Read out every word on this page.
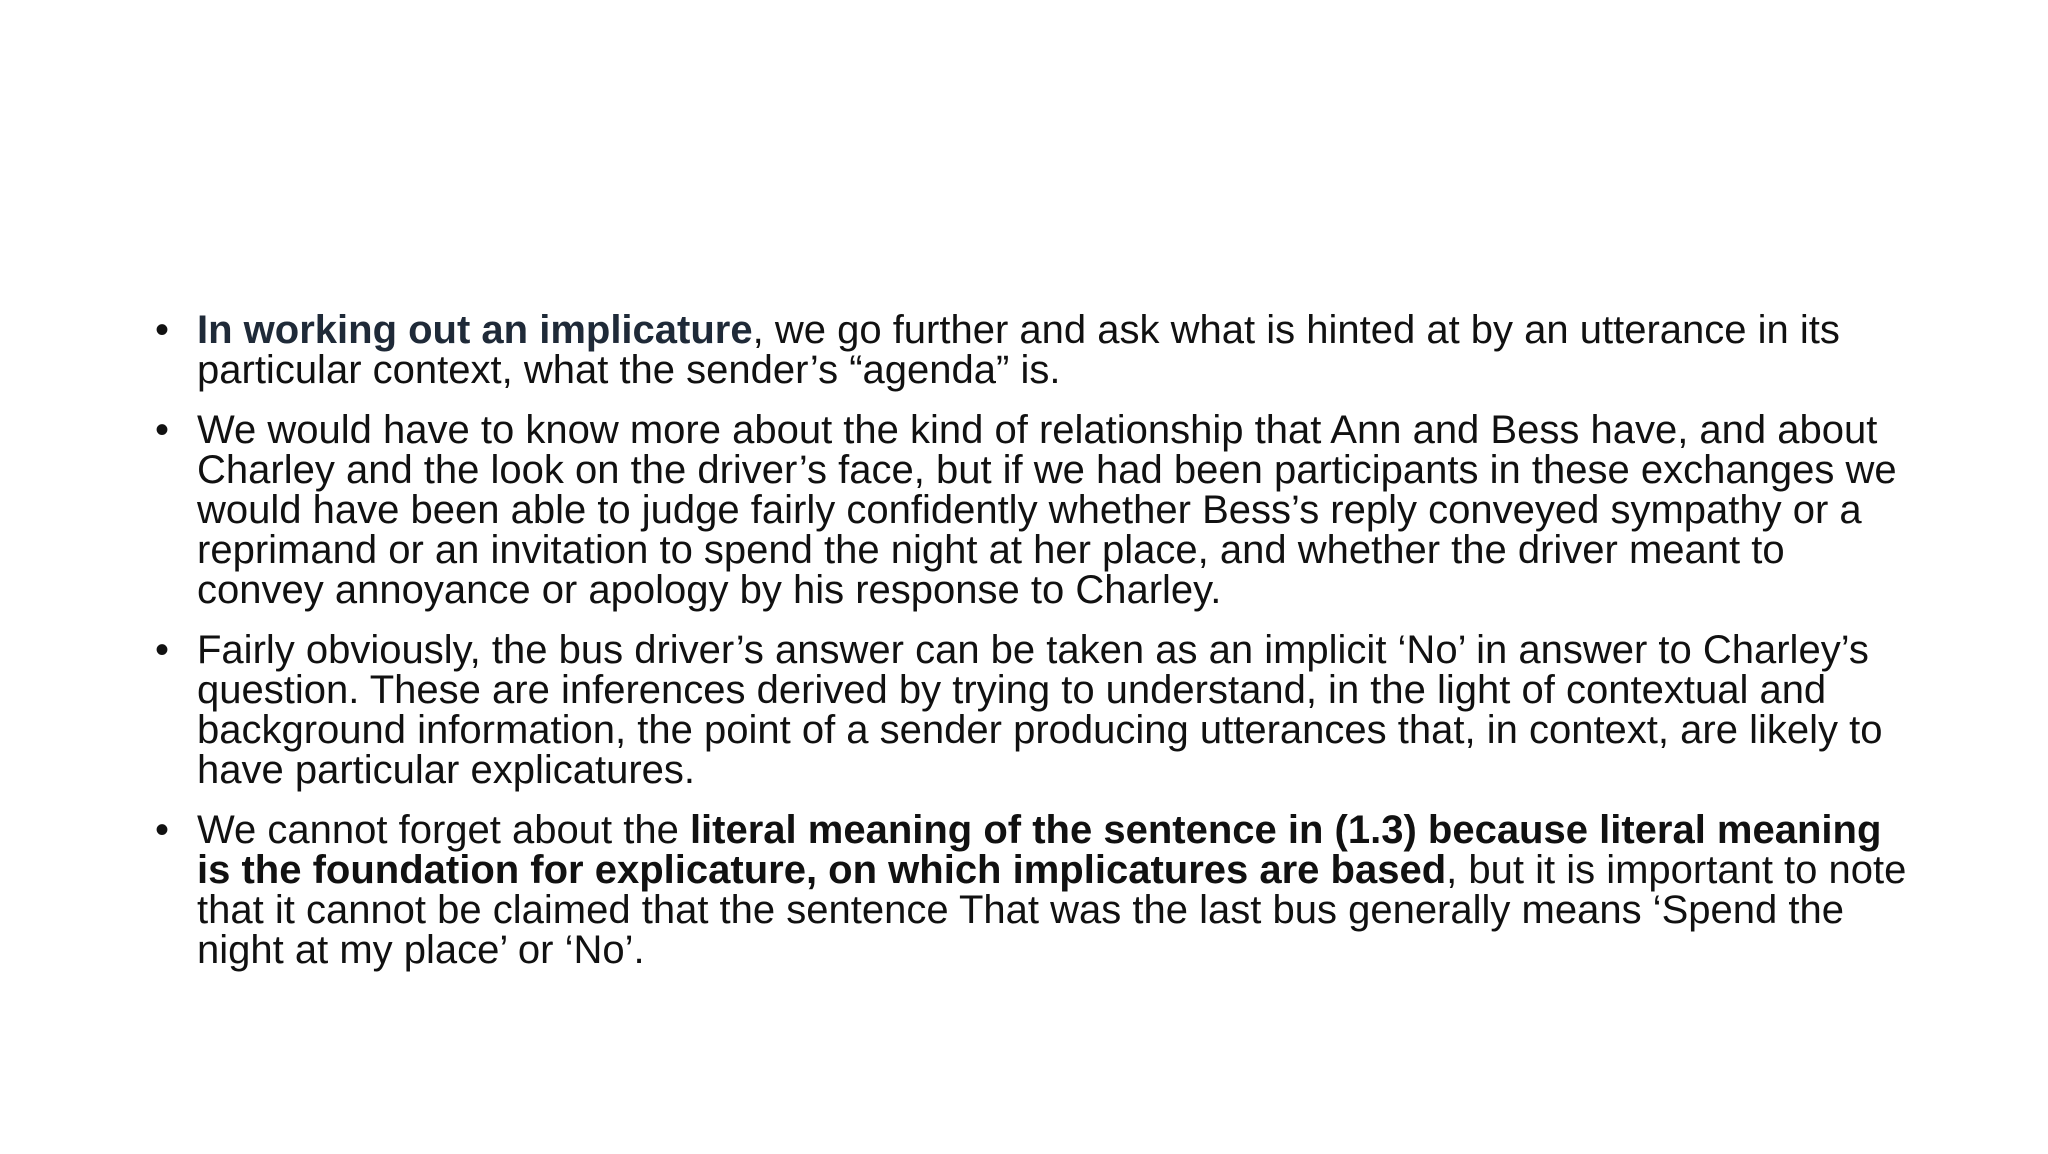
• In working out an implicature, we go further and ask what is hinted at by an utterance in its particular context, what the sender’s “agenda” is.
• We would have to know more about the kind of relationship that Ann and Bess have, and about Charley and the look on the driver’s face, but if we had been participants in these exchanges we would have been able to judge fairly confidently whether Bess’s reply conveyed sympathy or a reprimand or an invitation to spend the night at her place, and whether the driver meant to convey annoyance or apology by his response to Charley.
• Fairly obviously, the bus driver’s answer can be taken as an implicit ‘No’ in answer to Charley’s question. These are inferences derived by trying to understand, in the light of contextual and background information, the point of a sender producing utterances that, in context, are likely to have particular explicatures.
• We cannot forget about the literal meaning of the sentence in (1.3) because literal meaning is the foundation for explicature, on which implicatures are based, but it is important to note that it cannot be claimed that the sentence That was the last bus generally means ‘Spend the night at my place’ or ‘No’.
